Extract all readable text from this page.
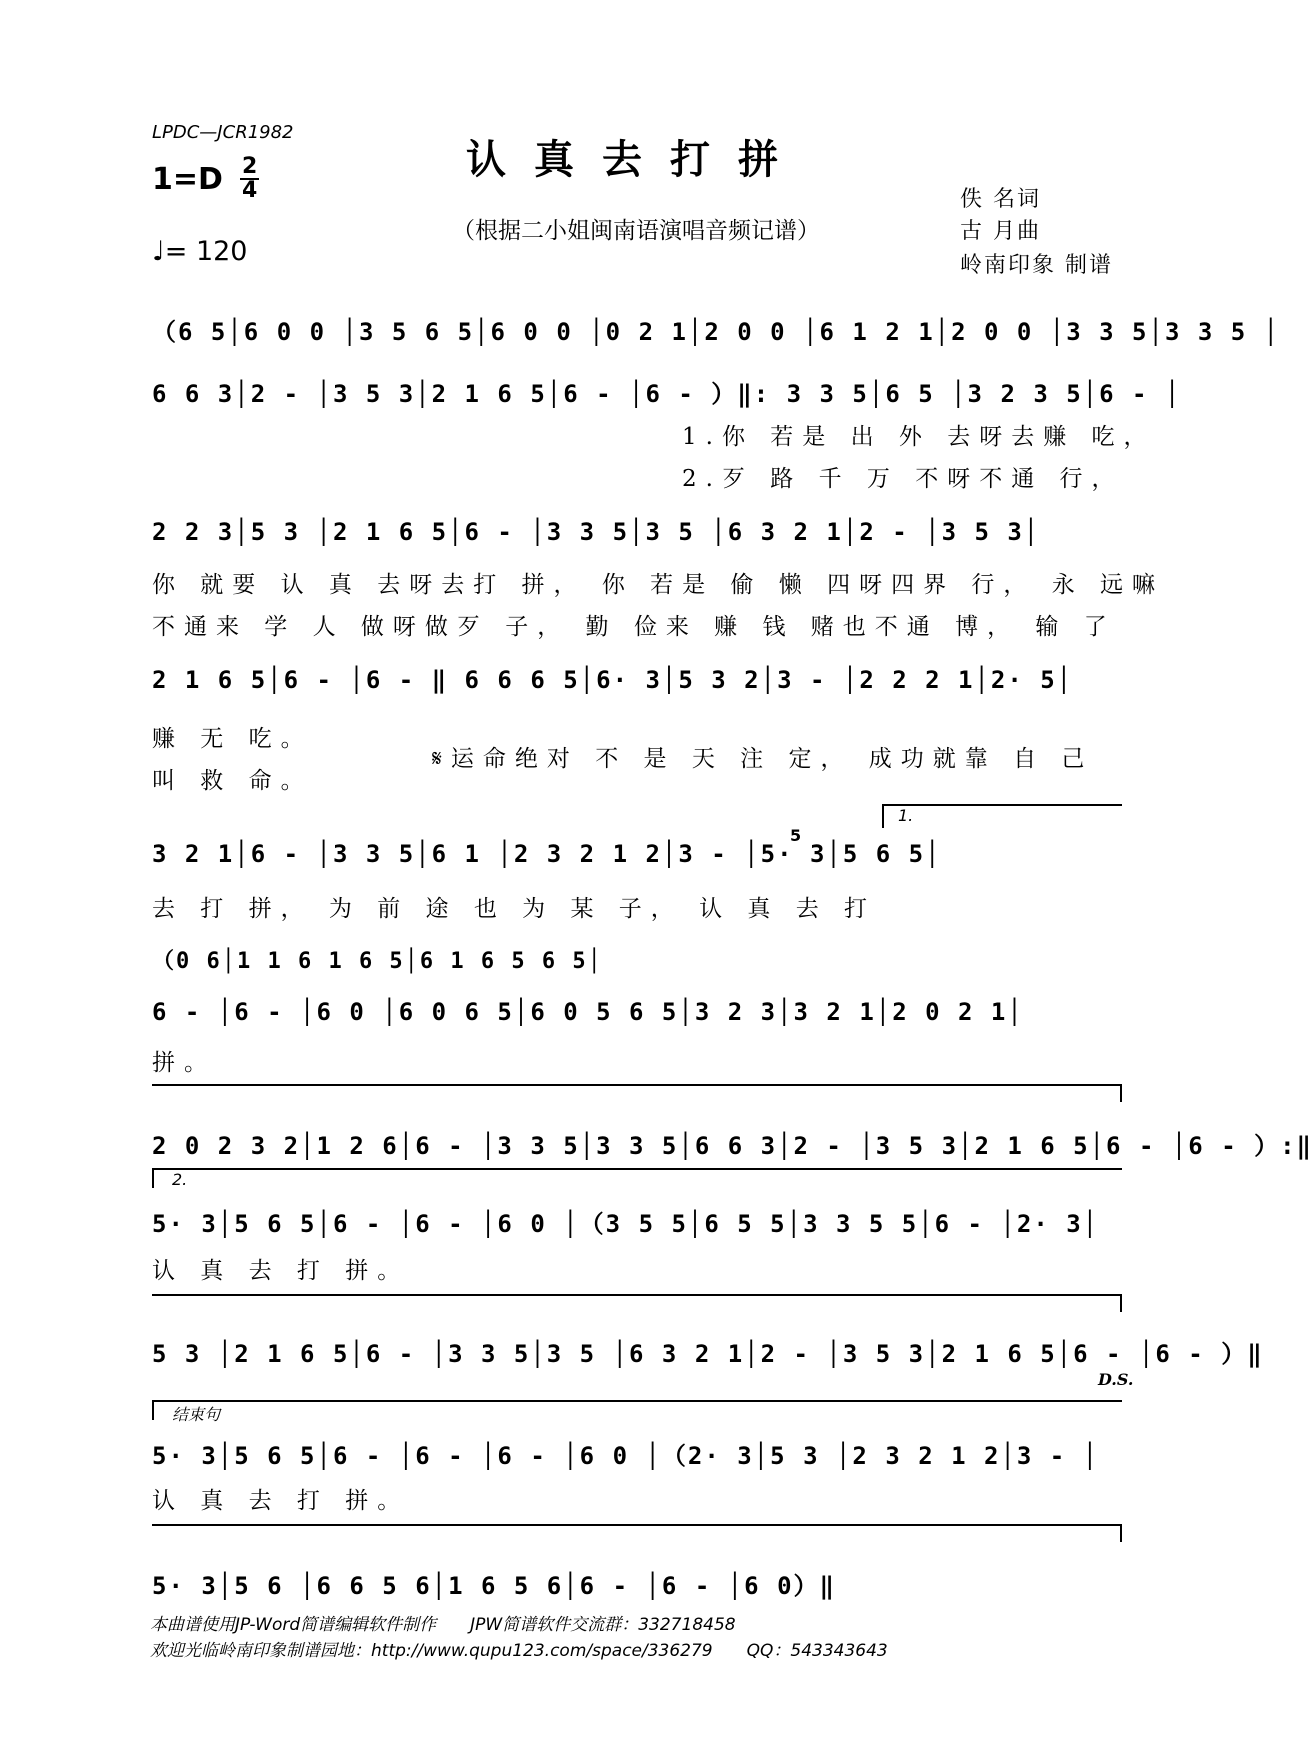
LPDC—JCR1982
认真去打拼
（根据二小姐闽南语演唱音频记谱）
佚 名词
古 月曲
岭南印象 制谱
1=D 2
4
♩= 120
（6 5│6 0 0 │3 5 6 5│6 0 0 │0 2 1│2 0 0 │6 1 2 1│2 0 0 │3 3 5│3 3 5 │
6 6 3│2 - │3 5 3│2 1 6 5│6 - │6 - ）‖: 3 3 5│6 5 │3 2 3 5│6 - │
1.你 若是 出 外 去呀去赚 吃，
2.歹 路 千 万 不呀不通 行，
2 2 3│5 3 │2 1 6 5│6 - │3 3 5│3 5 │6 3 2 1│2 - │3 5 3│
你 就要 认 真 去呀去打 拼， 你 若是 偷 懒 四呀四界 行， 永 远嘛
不通来 学 人 做呀做歹 子， 勤 俭来 赚 钱 赌也不通 博， 输 了
2 1 6 5│6 - │6 - ‖ 6 6 6 5│6· 3│5 3 2│3 - │2 2 2 1│2· 5│
赚 无 吃。
叫 救 命。
𝄋运命绝对 不 是 天 注 定， 成功就靠 自 己
1.
5
3 2 1│6 - │3 3 5│6 1 │2 3 2 1 2│3 - │5· 3│5 6 5│
去 打 拼， 为 前 途 也 为 某 子， 认 真 去 打
（0 6│1 1 6 1 6 5│6 1 6 5 6 5│
6 - │6 - │6 0 │6 0 6 5│6 0 5 6 5│3 2 3│3 2 1│2 0 2 1│
拼。
2 0 2 3 2│1 2 6│6 - │3 3 5│3 3 5│6 6 3│2 - │3 5 3│2 1 6 5│6 - │6 - ）:‖
2.
5· 3│5 6 5│6 - │6 - │6 0 │（3 5 5│6 5 5│3 3 5 5│6 - │2· 3│
认 真 去 打 拼。
5 3 │2 1 6 5│6 - │3 3 5│3 5 │6 3 2 1│2 - │3 5 3│2 1 6 5│6 - │6 - ）‖
D.S.
结束句
5· 3│5 6 5│6 - │6 - │6 - │6 0 │（2· 3│5 3 │2 3 2 1 2│3 - │
认 真 去 打 拼。
5· 3│5 6 │6 6 5 6│1 6 5 6│6 - │6 - │6 0）‖
本曲谱使用JP-Word简谱编辑软件制作　　JPW简谱软件交流群：332718458
欢迎光临岭南印象制谱园地：http://www.qupu123.com/space/336279　　QQ：543343643
